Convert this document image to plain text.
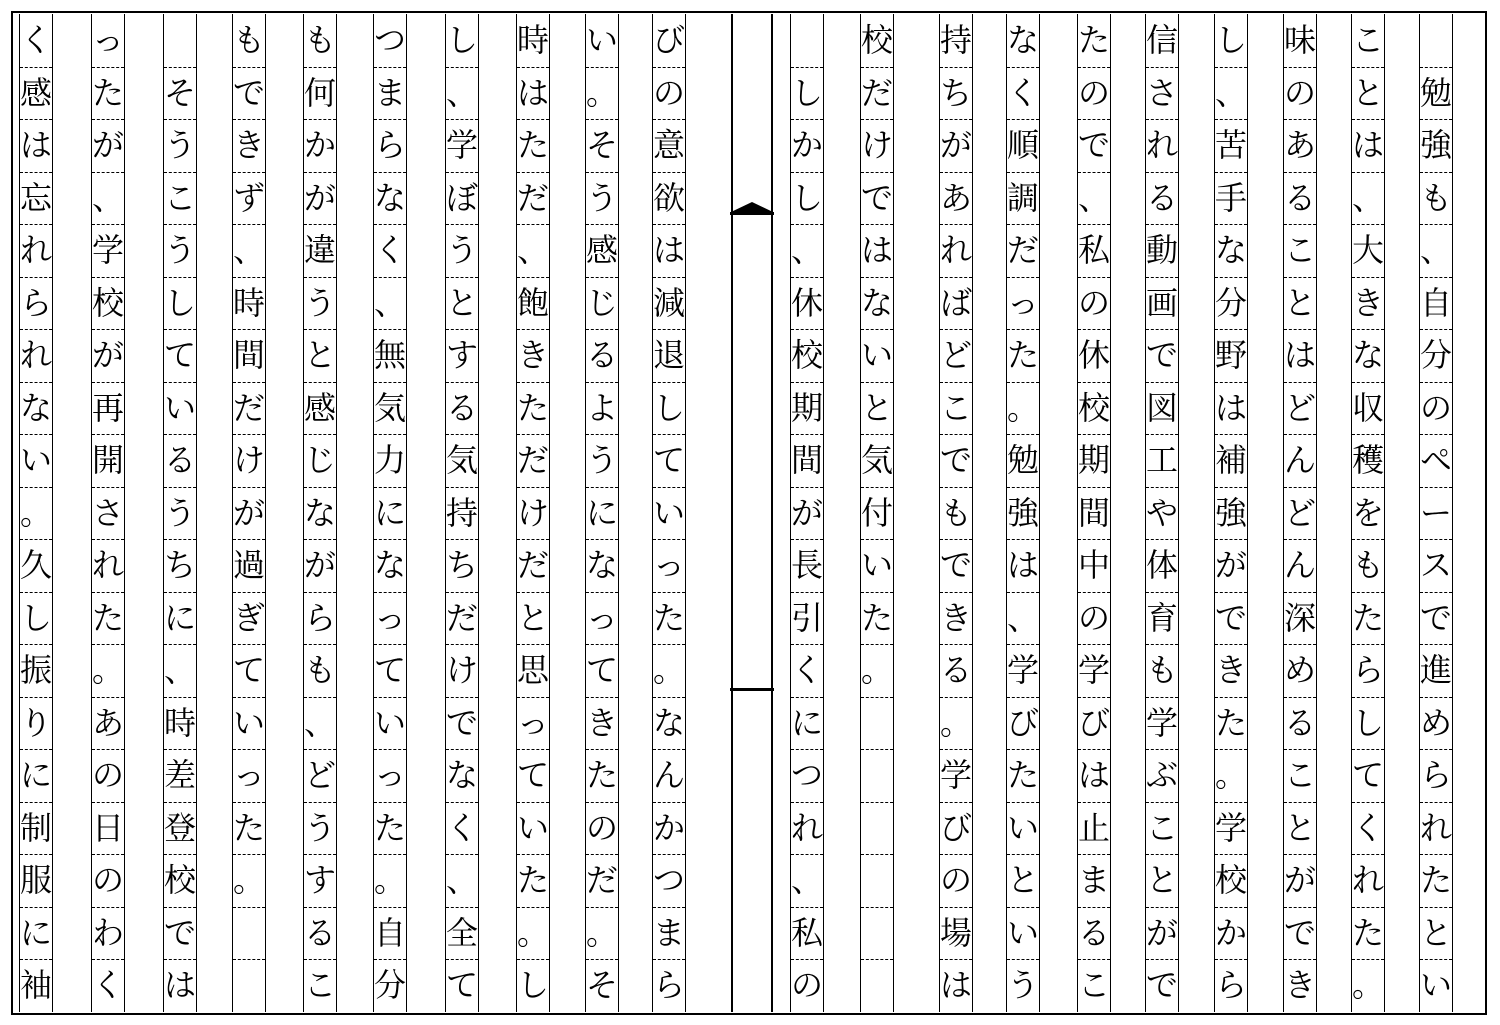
勉
強
も
、
自
分
の
ペ
ー
ス
で
進
め
ら
れ
た
と
い
こ
と
は
、
大
き
な
収
穫
を
も
た
ら
し
て
く
れ
た
。
味
の
あ
る
こ
と
は
ど
ん
ど
ん
深
め
る
こ
と
が
で
き
し
、
苦
手
な
分
野
は
補
強
が
で
き
た
。
学
校
か
ら
信
さ
れ
る
動
画
で
図
工
や
体
育
も
学
ぶ
こ
と
が
で
た
の
で
、
私
の
休
校
期
間
中
の
学
び
は
止
ま
る
こ
な
く
順
調
だ
っ
た
。
勉
強
は
、
学
び
た
い
と
い
う
持
ち
が
あ
れ
ば
ど
こ
で
も
で
き
る
。
学
び
の
場
は
校
だ
け
で
は
な
い
と
気
付
い
た
。

し
か
し
、
休
校
期
間
が
長
引
く
に
つ
れ
、
私
の
び
の
意
欲
は
減
退
し
て
い
っ
た
。
な
ん
か
つ
ま
ら
い
。
そ
う
感
じ
る
よ
う
に
な
っ
て
き
た
の
だ
。
そ
時
は
た
だ
、
飽
き
た
だ
け
だ
と
思
っ
て
い
た
。
し
し
、
学
ぼ
う
と
す
る
気
持
ち
だ
け
で
な
く
、
全
て
つ
ま
ら
な
く
、
無
気
力
に
な
っ
て
い
っ
た
。
自
分
も
何
か
が
違
う
と
感
じ
な
が
ら
も
、
ど
う
す
る
こ
も
で
き
ず
、
時
間
だ
け
が
過
ぎ
て
い
っ
た
。

そ
う
こ
う
し
て
い
る
う
ち
に
、
時
差
登
校
で
は
っ
た
が
、
学
校
が
再
開
さ
れ
た
。
あ
の
日
の
わ
く
く
感
は
忘
れ
ら
れ
な
い
。
久
し
振
り
に
制
服
に
袖
